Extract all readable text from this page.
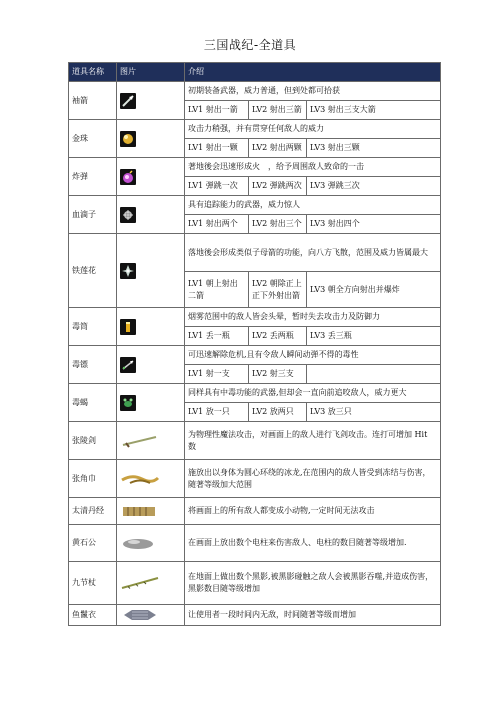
三国战纪-全道具
道具名称	图片	介绍		
袖箭		初期装备武器，威力普通，但到处都可拾获		
		LV1 射出一箭	LV2 射出三箭	LV3 射出三支大箭
金珠		攻击力稍强，并有贯穿任何敌人的威力		
		LV1 射出一颗	LV2 射出两颗	LV3 射出三颗
炸弹		著地後会迅速形成火　，给予周围敌人致命的一击		
		LV1 弹跳一次	LV2 弹跳两次	LV3 弹跳三次
血滴子		具有追踪能力的武器，威力惊人		
		LV1 射出两个	LV2 射出三个	LV3 射出四个
铁莲花		落地後会形成类似子母箭的功能，向八方飞散，范围及威力皆属最大		
		LV1 朝上射出二箭	LV2 朝除正上正下外射出箭	LV3 朝全方向射出并爆炸
毒筒		烟雾范围中的敌人皆会头晕，暂时失去攻击力及防御力		
		LV1 丢一瓶	LV2 丢两瓶	LV3 丢三瓶
毒镖		可迅速解除危机,且有令敌人瞬间动弹不得的毒性		
		LV1 射一支	LV2 射三支	
毒蝎		同样具有中毒功能的武器,但却会一直向前追咬敌人，威力更大		
		LV1 放一只	LV2 放两只	LV3 放三只
张陵剑		为物理性魔法攻击，对画面上的敌人进行飞剑攻击。连打可增加 Hit 数		
张角巾		施放出以身体为圆心环绕的冰龙,在范围内的敌人皆受到冻结与伤害，随著等级加大范围		
太清丹经		将画面上的所有敌人都变成小动物,一定时间无法攻击		
黄石公		在画面上放出数个电柱来伤害敌人、电柱的数目随著等级增加.		
九节杖		在地面上做出数个黑影,被黑影碰触之敌人会被黑影吞噬,并造成伤害，黑影数目随等级增加		
鱼鬣衣		让使用者一段时间内无敌，时间随著等级而增加		
